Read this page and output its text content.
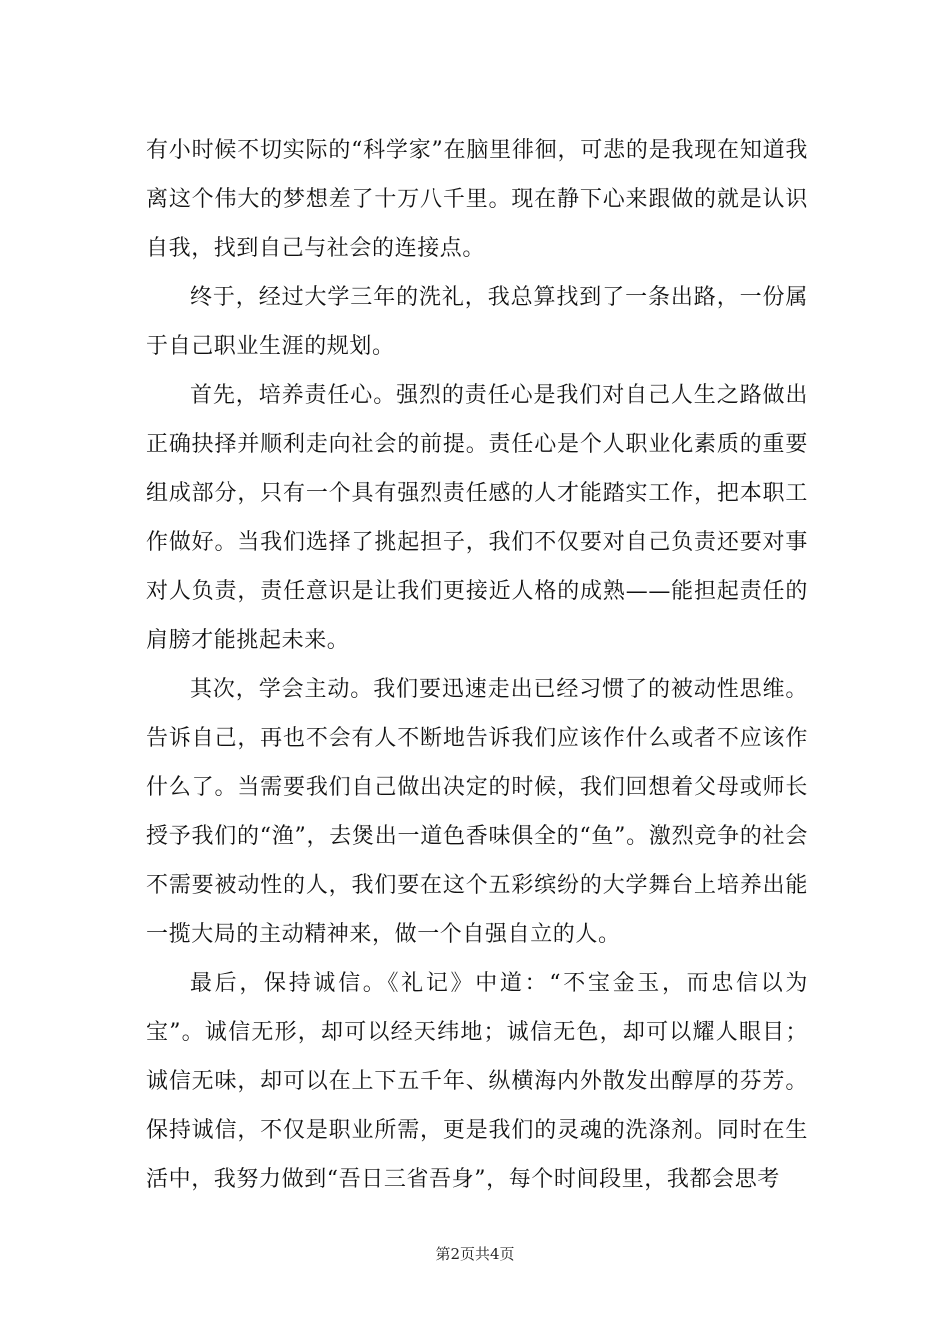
有小时候不切实际的“科学家”在脑里徘徊，可悲的是我现在知道我离这个伟大的梦想差了十万八千里。现在静下心来跟做的就是认识自我，找到自己与社会的连接点。

终于，经过大学三年的洗礼，我总算找到了一条出路，一份属于自己职业生涯的规划。

首先，培养责任心。强烈的责任心是我们对自己人生之路做出正确抉择并顺利走向社会的前提。责任心是个人职业化素质的重要组成部分，只有一个具有强烈责任感的人才能踏实工作，把本职工作做好。当我们选择了挑起担子，我们不仅要对自己负责还要对事对人负责，责任意识是让我们更接近人格的成熟——能担起责任的肩膀才能挑起未来。

其次，学会主动。我们要迅速走出已经习惯了的被动性思维。告诉自己，再也不会有人不断地告诉我们应该作什么或者不应该作什么了。当需要我们自己做出决定的时候，我们回想着父母或师长授予我们的“渔”，去煲出一道色香味俱全的“鱼”。激烈竞争的社会不需要被动性的人，我们要在这个五彩缤纷的大学舞台上培养出能一揽大局的主动精神来，做一个自强自立的人。

最后，保持诚信。《礼记》中道：“不宝金玉，而忠信以为宝”。诚信无形，却可以经天纬地；诚信无色，却可以耀人眼目；诚信无味，却可以在上下五千年、纵横海内外散发出醇厚的芬芳。保持诚信，不仅是职业所需，更是我们的灵魂的洗涤剂。同时在生活中，我努力做到“吾日三省吾身”，每个时间段里，我都会思考

第2页共4页
